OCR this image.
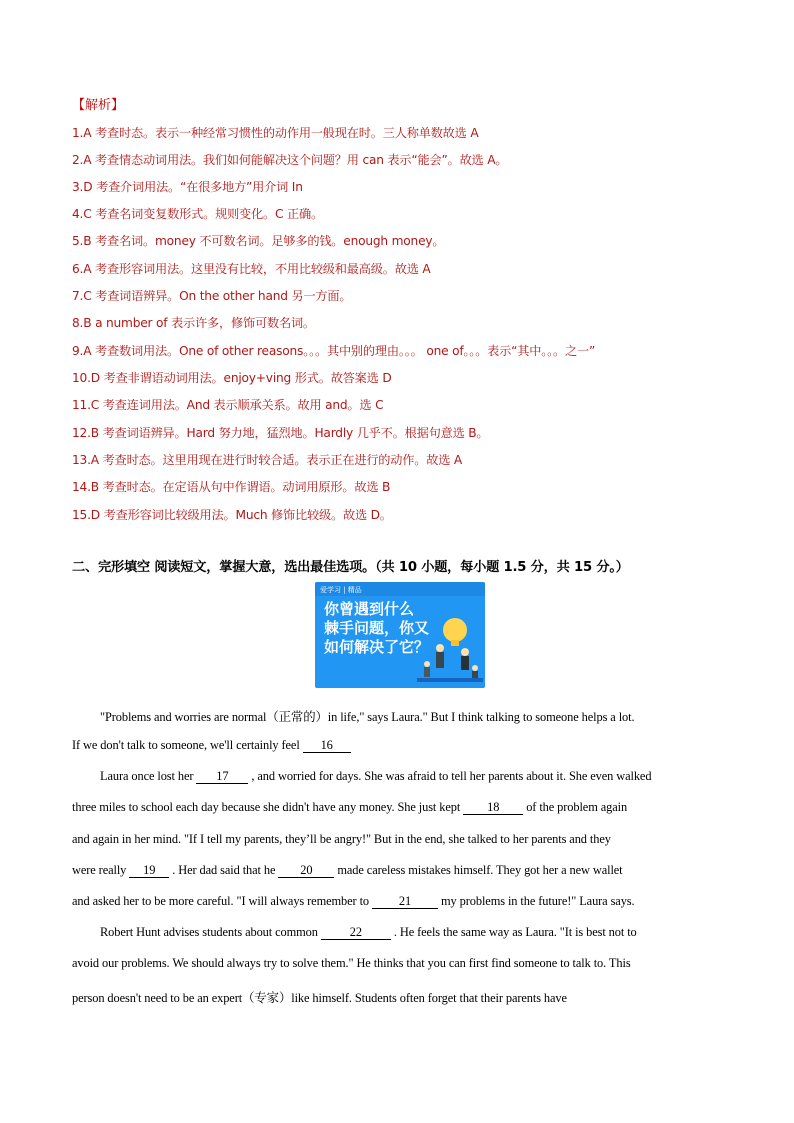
【解析】
1.A 考查时态。表示一种经常习惯性的动作用一般现在时。三人称单数故选 A
2.A 考查情态动词用法。我们如何能解决这个问题？用 can 表示“能会”。故选 A。
3.D 考查介词用法。“在很多地方”用介词 In
4.C 考查名词变复数形式。规则变化。C 正确。
5.B 考查名词。money 不可数名词。足够多的钱。enough money。
6.A 考查形容词用法。这里没有比较，不用比较级和最高级。故选 A
7.C 考查词语辨异。On the other hand 另一方面。
8.B a number of 表示许多，修饰可数名词。
9.A 考查数词用法。One of other reasons。。。其中别的理由。。。 one of。。。表示“其中。。。之一”
10.D 考查非谓语动词用法。enjoy+ving 形式。故答案选 D
11.C 考查连词用法。And 表示顺承关系。故用 and。选 C
12.B 考查词语辨异。Hard 努力地，猛烈地。Hardly 几乎不。根据句意选 B。
13.A 考查时态。这里用现在进行时较合适。表示正在进行的动作。故选 A
14.B 考查时态。在定语从句中作谓语。动词用原形。故选 B
15.D 考查形容词比较级用法。Much 修饰比较级。故选 D。
二、完形填空 阅读短文，掌握大意，选出最佳选项。（共 10 小题，每小题 1.5 分，共 15 分。）
爱学习 | 精品
你曾遇到什么
棘手问题，你又
如何解决了它？
"Problems and worries are normal（正常的）in life," says Laura." But I think talking to someone helps a lot.
If we don't talk to someone, we'll certainly feel 16
Laura once lost her 17 , and worried for days. She was afraid to tell her parents about it. She even walked
three miles to school each day because she didn't have any money. She just kept 18 of the problem again
and again in her mind. "If I tell my parents, they’ll be angry!" But in the end, she talked to her parents and they
were really 19 . Her dad said that he 20 made careless mistakes himself. They got her a new wallet
and asked her to be more careful. "I will always remember to 21 my problems in the future!" Laura says.
Robert Hunt advises students about common	22	. He feels the same way as Laura. "It is best not to
avoid our problems. We should always try to solve them." He thinks that you can first find someone to talk to. This
person doesn't need to be an expert（专家）like himself. Students often forget that their parents have
